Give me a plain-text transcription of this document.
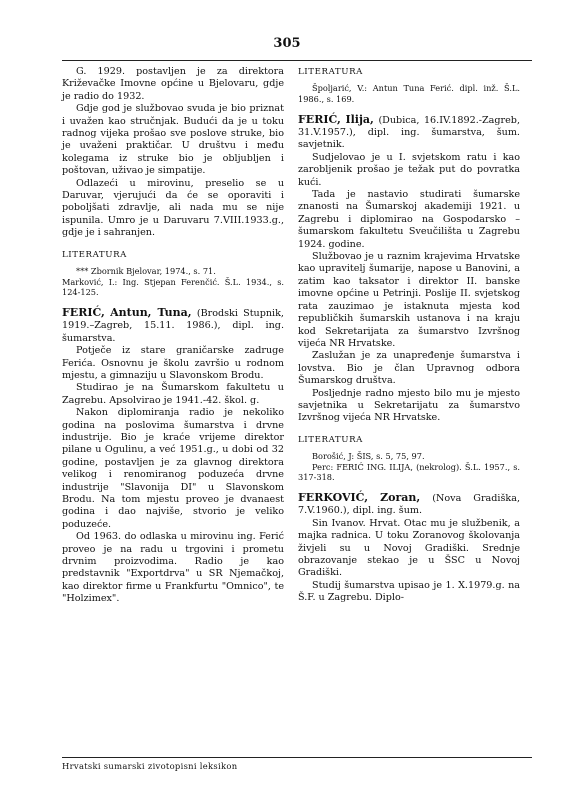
305

G. 1929. postavljen je za direktora Križevačke Imovne općine u Bjelovaru, gdje je radio do 1932.

Gdje god je službovao svuda je bio priznat i uvažen kao stručnjak. Budući da je u toku radnog vijeka prošao sve poslove struke, bio je uvaženi praktičar. U društvu i među kolegama iz struke bio je obljubljen i poštovan, uživao je simpatije.

Odlazeći u mirovinu, preselio se u Daruvar, vjerujući da će se oporaviti i poboljšati zdravlje, ali nada mu se nije ispunila. Umro je u Daruvaru 7.VIII.1933.g., gdje je i sahranjen.

LITERATURA

*** Zbornik Bjelovar, 1974., s. 71.

Marković, I.: Ing. Stjepan Ferenčić. Š.L. 1934., s. 124-125.

FERIĆ, Antun, Tuna, (Brodski Stupnik, 1919.–Zagreb, 15.11. 1986.), dipl. ing. šumarstva.

Potječe iz stare graničarske zadruge Ferića. Osnovnu je školu završio u rodnom mjestu, a gimnaziju u Slavonskom Brodu.

Studirao je na Šumarskom fakultetu u Zagrebu. Apsolvirao je 1941.-42. škol. g.

Nakon diplomiranja radio je nekoliko godina na poslovima šumarstva i drvne industrije. Bio je kraće vrijeme direktor pilane u Ogulinu, a već 1951.g., u dobi od 32 godine, postavljen je za glavnog direktora velikog i renomiranog poduzeća drvne industrije "Slavonija DI" u Slavonskom Brodu. Na tom mjestu proveo je dvanaest godina i dao najviše, stvorio je veliko poduzeće.

Od 1963. do odlaska u mirovinu ing. Ferić proveo je na radu u trgovini i prometu drvnim proizvodima. Radio je kao predstavnik "Exportdrva" u SR Njemačkoj, kao direktor firme u Frankfurtu "Omnico", te "Holzimex".

LITERATURA

Špoljarić, V.: Antun Tuna Ferić. dipl. inž. Š.L. 1986., s. 169.

FERIĆ, Ilija, (Dubica, 16.IV.1892.-Zagreb, 31.V.1957.), dipl. ing. šumarstva, šum. savjetnik.

Sudjelovao je u I. svjetskom ratu i kao zarobljenik prošao je težak put do povratka kući.

Tada je nastavio studirati šumarske znanosti na Šumarskoj akademiji 1921. u Zagrebu i diplomirao na Gospodarsko – šumarskom fakultetu Sveučilišta u Zagrebu 1924. godine.

Službovao je u raznim krajevima Hrvatske kao upravitelj šumarije, napose u Banovini, a zatim kao taksator i direktor II. banske imovne općine u Petrinji. Poslije II. svjetskog rata zauzimao je istaknuta mjesta kod republičkih šumarskih ustanova i na kraju kod Sekretarijata za šumarstvo Izvršnog vijeća NR Hrvatske.

Zaslužan je za unapređenje šumarstva i lovstva. Bio je član Upravnog odbora Šumarskog društva.

Posljednje radno mjesto bilo mu je mjesto savjetnika u Sekretarijatu za šumarstvo Izvršnog vijeća NR Hrvatske.

LITERATURA

Borošić, J: ŠIS, s. 5, 75, 97.

Perc: FERIĆ ING. ILIJA, (nekrolog). Š.L. 1957., s. 317-318.

FERKOVIĆ, Zoran, (Nova Gradiška, 7.V.1960.), dipl. ing. šum.

Sin Ivanov. Hrvat. Otac mu je službenik, a majka radnica. U toku Zoranovog školovanja živjeli su u Novoj Gradiški. Srednje obrazovanje stekao je u ŠSC u Novoj Gradiški.

Studij šumarstva upisao je 1. X.1979.g. na Š.F. u Zagrebu. Diplo-

Hrvatski sumarski zivotopisni leksikon
